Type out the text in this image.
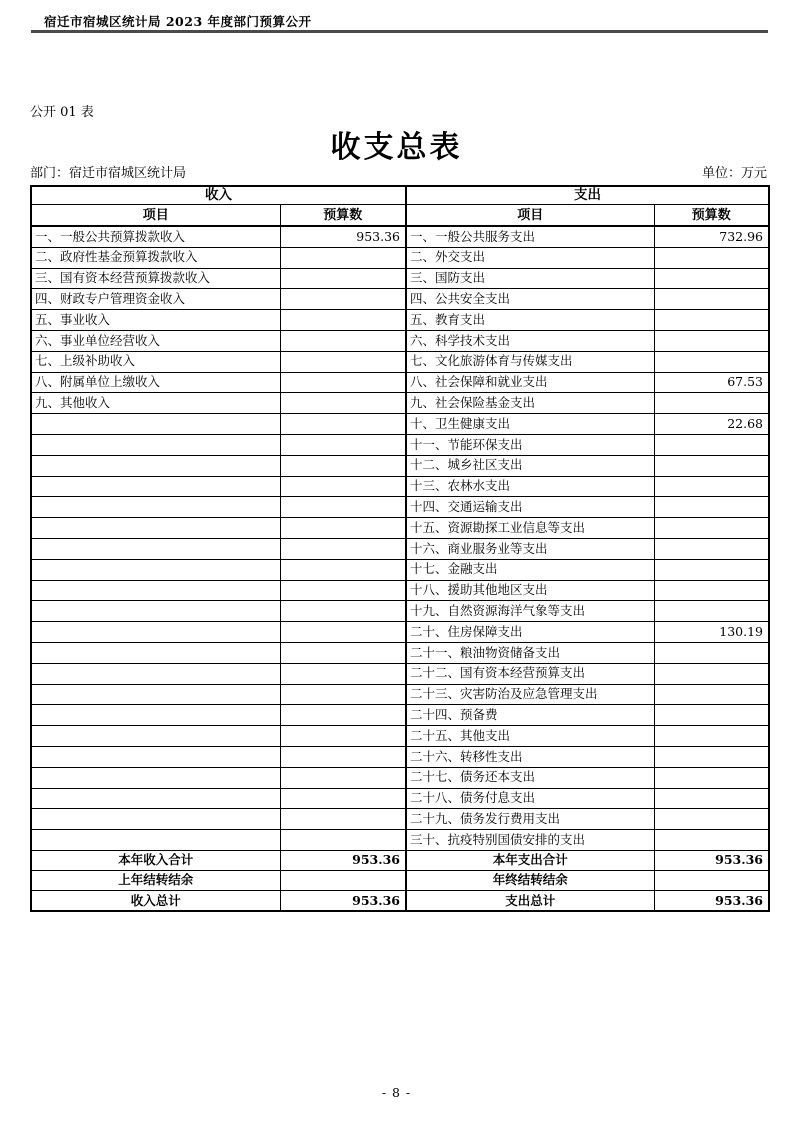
宿迁市宿城区统计局 2023 年度部门预算公开
公开 01 表
收支总表
部门：宿迁市宿城区统计局	单位：万元
收入		支出	
项目	预算数	项目	预算数
一、一般公共预算拨款收入	953.36	一、一般公共服务支出	732.96
二、政府性基金预算拨款收入		二、外交支出	
三、国有资本经营预算拨款收入		三、国防支出	
四、财政专户管理资金收入		四、公共安全支出	
五、事业收入		五、教育支出	
六、事业单位经营收入		六、科学技术支出	
七、上级补助收入		七、文化旅游体育与传媒支出	
八、附属单位上缴收入		八、社会保障和就业支出	67.53
九、其他收入		九、社会保险基金支出	
		十、卫生健康支出	22.68
		十一、节能环保支出	
		十二、城乡社区支出	
		十三、农林水支出	
		十四、交通运输支出	
		十五、资源勘探工业信息等支出	
		十六、商业服务业等支出	
		十七、金融支出	
		十八、援助其他地区支出	
		十九、自然资源海洋气象等支出	
		二十、住房保障支出	130.19
		二十一、粮油物资储备支出	
		二十二、国有资本经营预算支出	
		二十三、灾害防治及应急管理支出	
		二十四、预备费	
		二十五、其他支出	
		二十六、转移性支出	
		二十七、债务还本支出	
		二十八、债务付息支出	
		二十九、债务发行费用支出	
		三十、抗疫特别国债安排的支出	
本年收入合计	953.36	本年支出合计	953.36
上年结转结余		年终结转结余	
收入总计	953.36	支出总计	953.36
- 8 -
